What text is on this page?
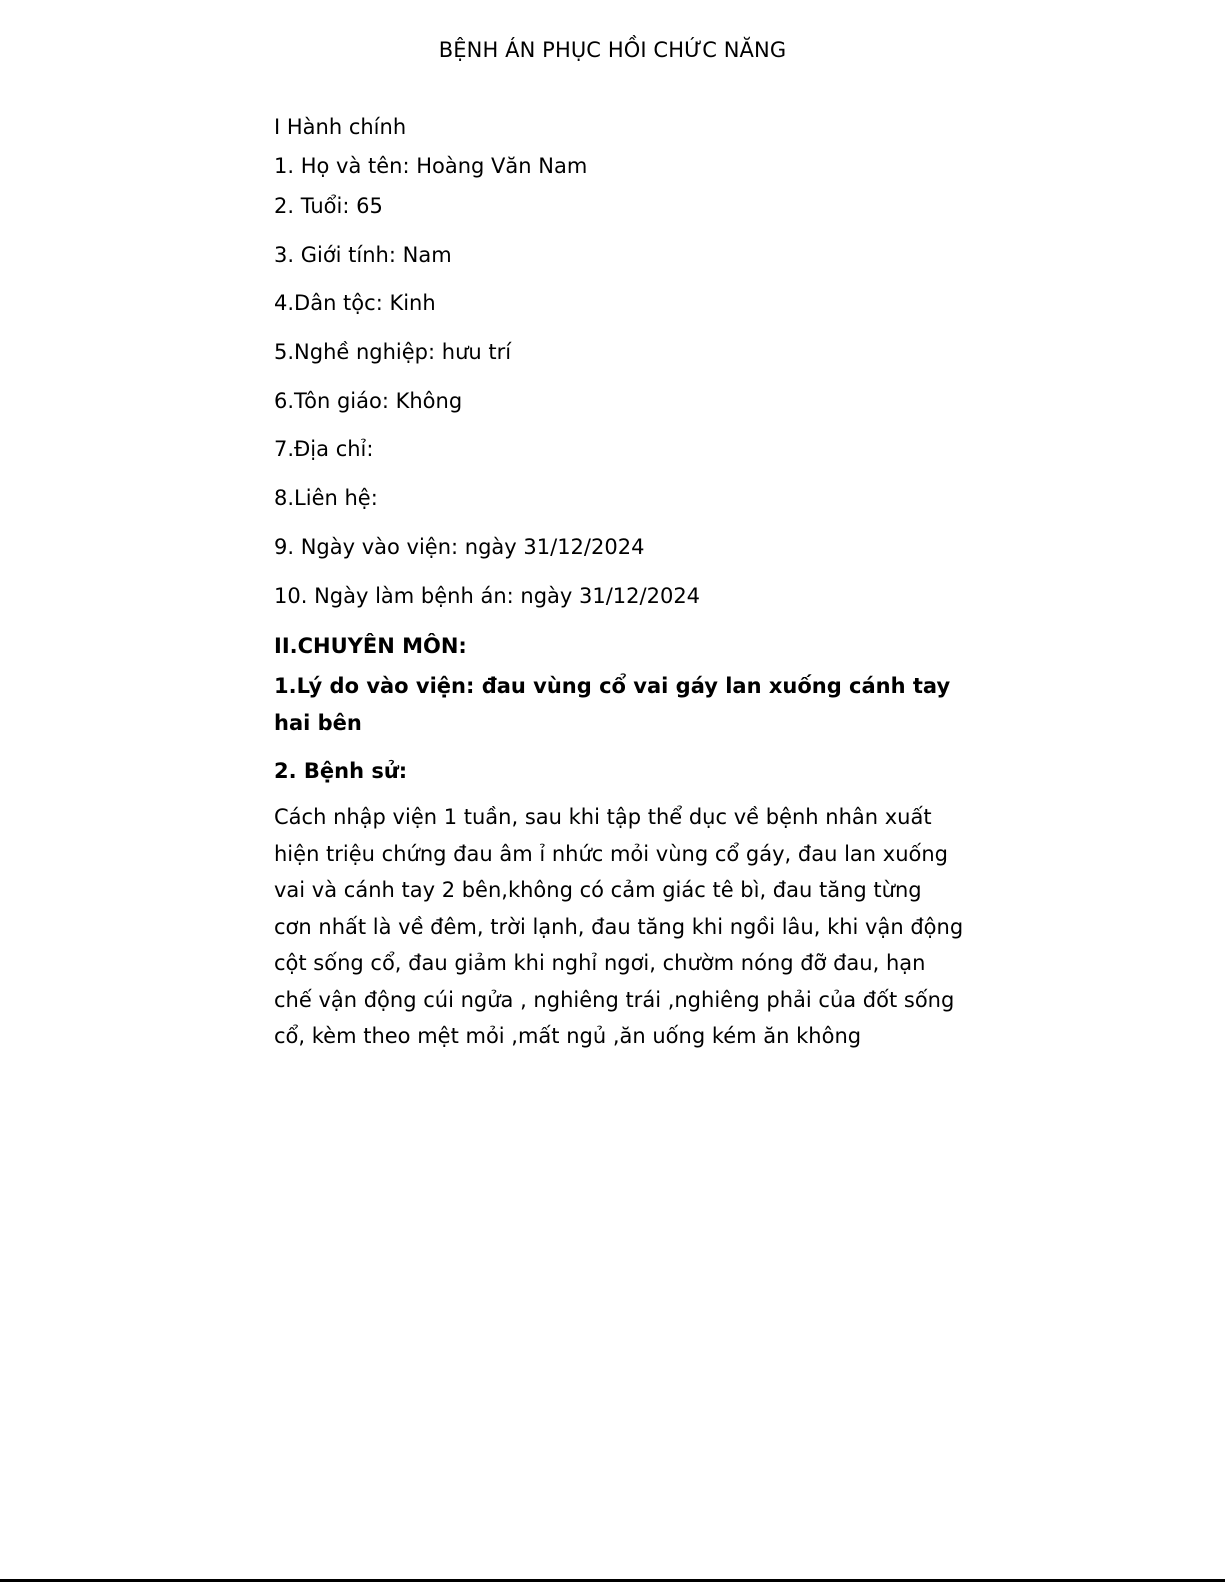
BỆNH ÁN PHỤC HỒI CHỨC NĂNG
I Hành chính
1. Họ và tên: Hoàng Văn Nam
2. Tuổi: 65
3. Giới tính: Nam
4.Dân tộc: Kinh
5.Nghề nghiệp: hưu trí
6.Tôn giáo: Không
7.Địa chỉ:
8.Liên hệ:
9. Ngày vào viện: ngày 31/12/2024
10. Ngày làm bệnh án: ngày 31/12/2024
II.CHUYÊN MÔN:
1.Lý do vào viện: đau vùng cổ vai gáy lan xuống cánh tay hai bên
2. Bệnh sử:
Cách nhập viện 1 tuần, sau khi tập thể dục về bệnh nhân xuất hiện triệu chứng đau âm ỉ nhức mỏi vùng cổ gáy, đau lan xuống vai và cánh tay 2 bên,không có cảm giác tê bì, đau tăng từng cơn nhất là về đêm, trời lạnh, đau tăng khi ngồi lâu, khi vận động cột sống cổ, đau giảm khi nghỉ ngơi, chườm nóng đỡ đau, hạn chế vận động cúi ngửa , nghiêng trái ,nghiêng phải của đốt sống cổ, kèm theo mệt mỏi ,mất ngủ ,ăn uống kém ăn không
